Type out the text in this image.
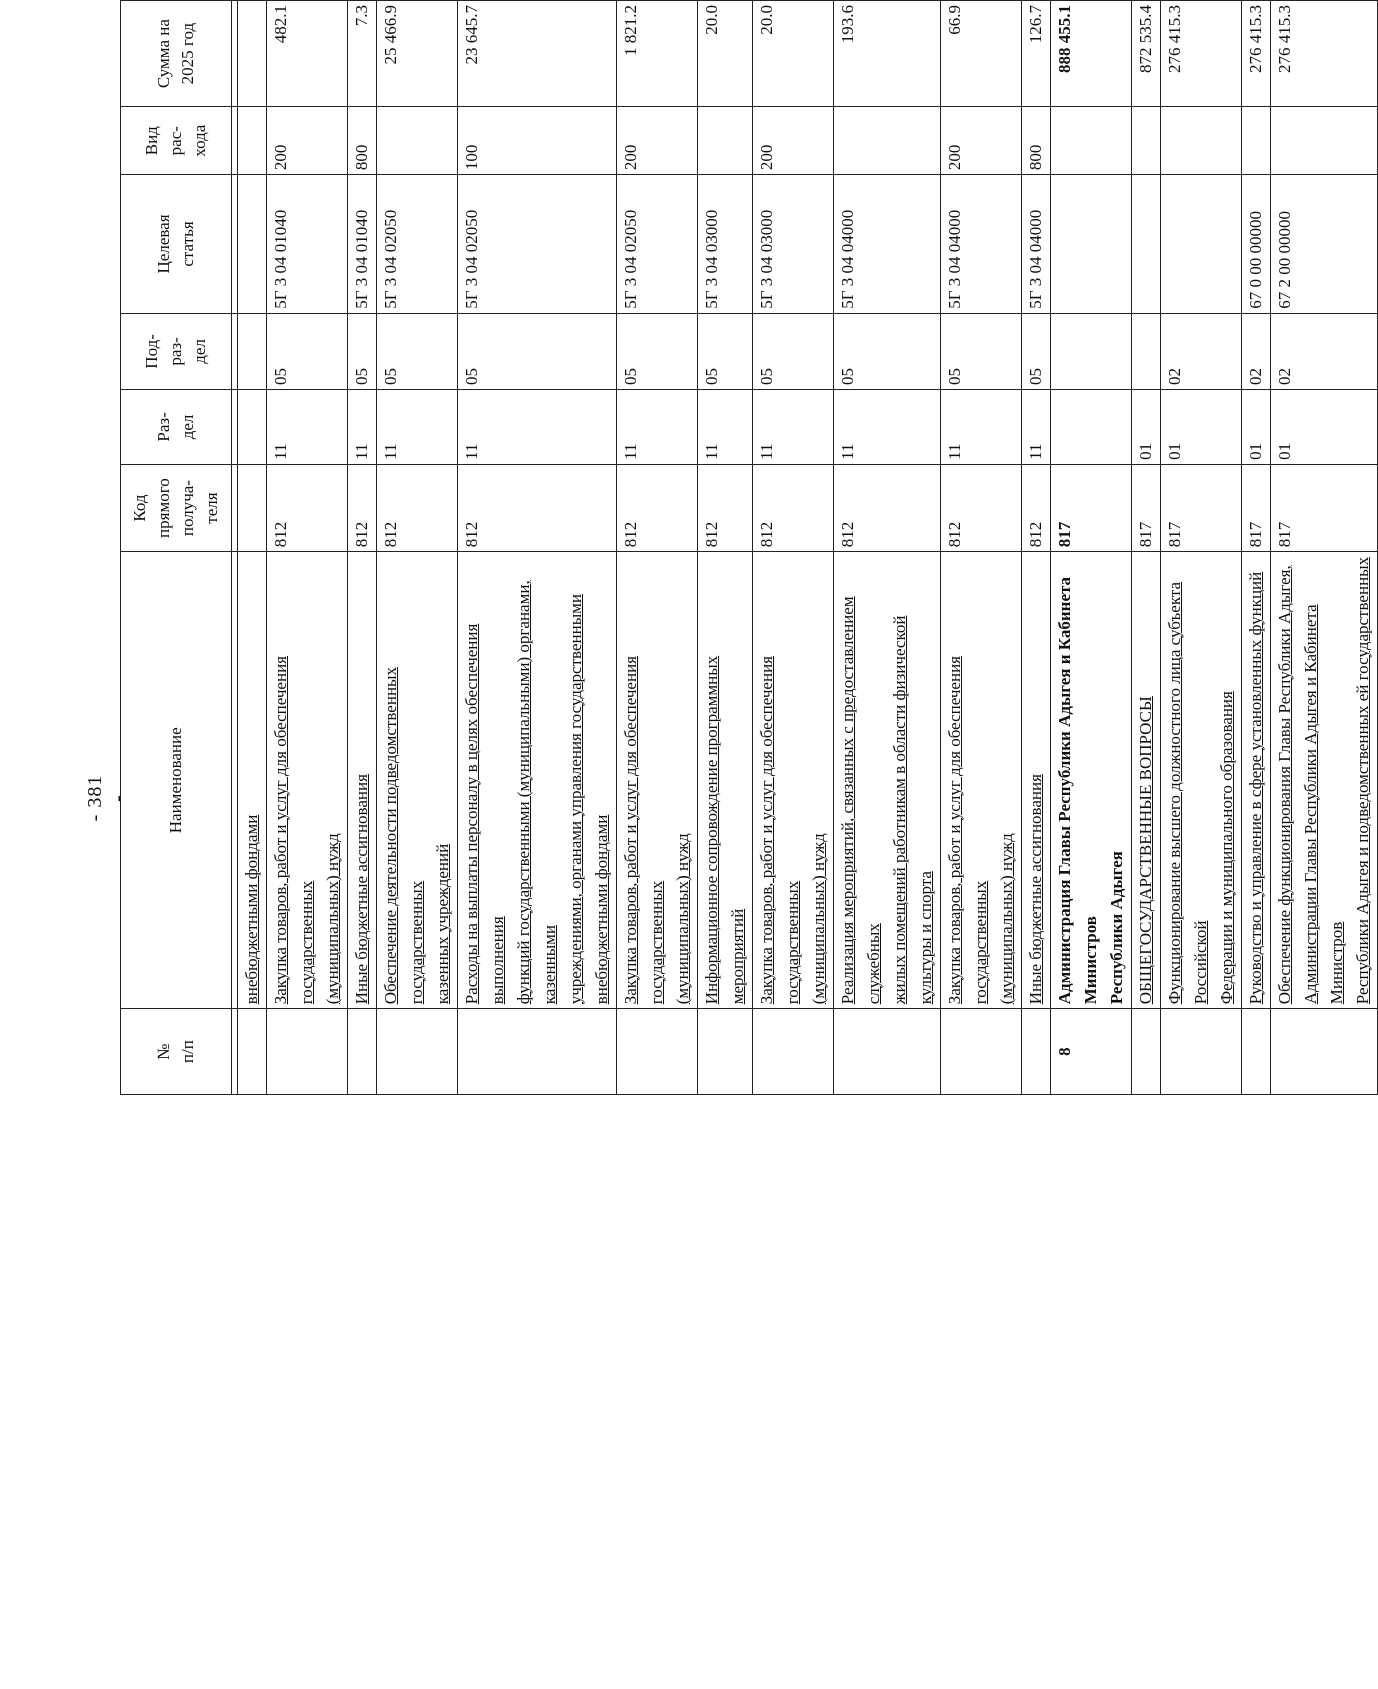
- 381 -
№
п/п	Наименование	Код
прямого
получа-
теля	Раз-
дел	Под-
раз-
дел	Целевая
статья	Вид
рас-
хода	Сумма на
2025 год

	внебюджетными фондами						
	Закупка товаров, работ и услуг для обеспечения государственных
(муниципальных) нужд	812	11	05	5Г 3 04 01040	200	482.1
	Иные бюджетные ассигнования	812	11	05	5Г 3 04 01040	800	7.3
	Обеспечение деятельности подведомственных государственных
казенных учреждений	812	11	05	5Г 3 04 02050		25 466.9
	Расходы на выплаты персоналу в целях обеспечения выполнения
функций государственными (муниципальными) органами, казенными
учреждениями, органами управления государственными
внебюджетными фондами	812	11	05	5Г 3 04 02050	100	23 645.7
	Закупка товаров, работ и услуг для обеспечения государственных
(муниципальных) нужд	812	11	05	5Г 3 04 02050	200	1 821.2
	Информационное сопровождение программных мероприятий	812	11	05	5Г 3 04 03000		20.0
	Закупка товаров, работ и услуг для обеспечения государственных
(муниципальных) нужд	812	11	05	5Г 3 04 03000	200	20.0
	Реализация мероприятий, связанных с предоставлением служебных
жилых помещений работникам в области физической культуры и спорта	812	11	05	5Г 3 04 04000		193.6
	Закупка товаров, работ и услуг для обеспечения государственных
(муниципальных) нужд	812	11	05	5Г 3 04 04000	200	66.9
	Иные бюджетные ассигнования	812	11	05	5Г 3 04 04000	800	126.7
8	Администрация Главы Республики Адыгея и Кабинета Министров
Республики Адыгея	817					888 455.1
	ОБЩЕГОСУДАРСТВЕННЫЕ ВОПРОСЫ	817	01				872 535.4
	Функционирование высшего должностного лица субъекта Российской
Федерации и муниципального образования	817	01	02			276 415.3
	Руководство и управление в сфере установленных функций	817	01	02	67 0 00 00000		276 415.3
	Обеспечение функционирования Главы Республики Адыгея,
Администрации Главы Республики Адыгея и Кабинета Министров
Республики Адыгея и подведомственных ей государственных	817	01	02	67 2 00 00000		276 415.3
